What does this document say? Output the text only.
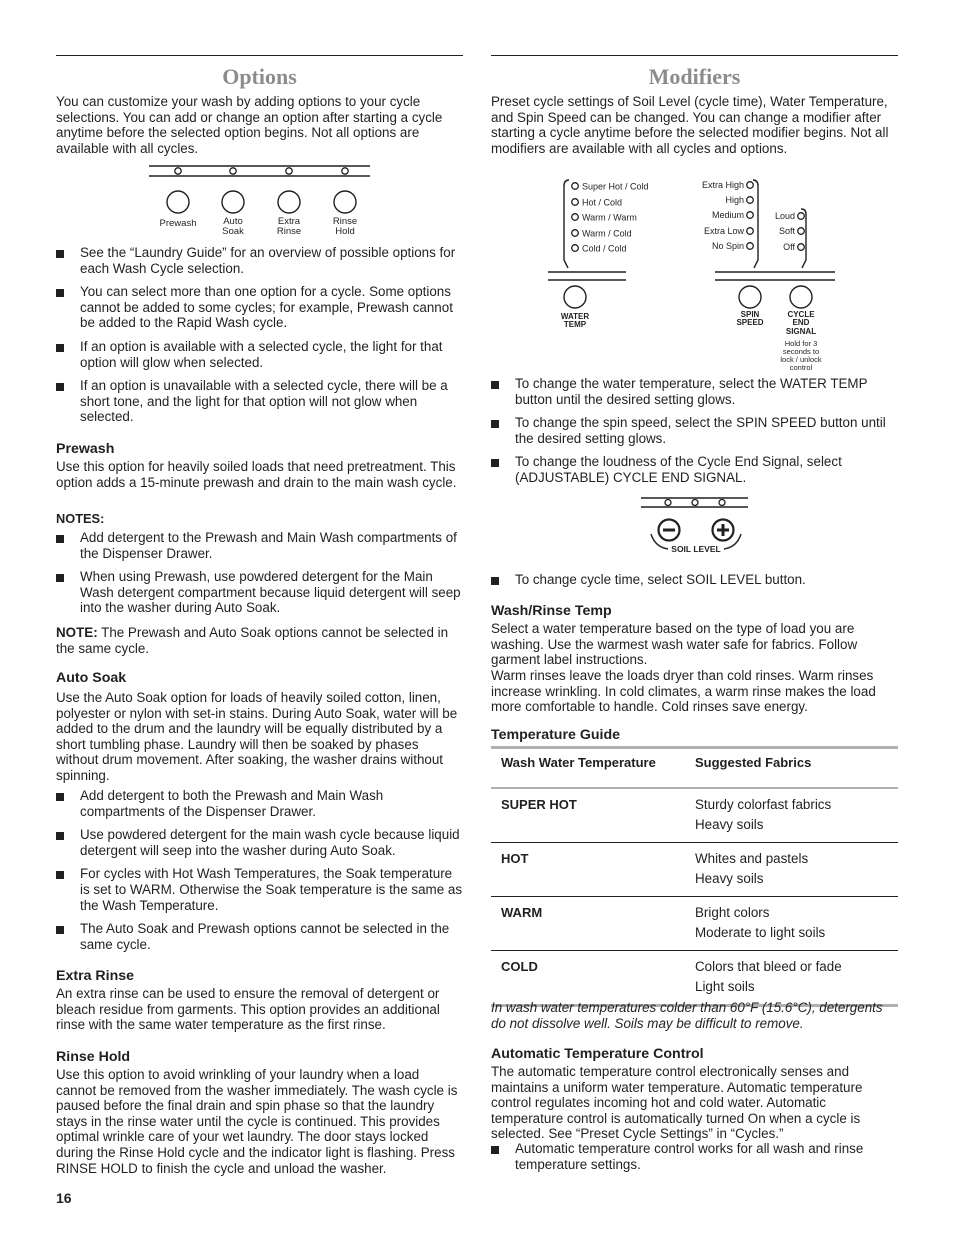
Options

You can customize your wash by adding options to your cycle selections. You can add or change an option after starting a cycle anytime before the selected option begins. Not all options are available with all cycles.

Prewash	Auto
Soak
Extra
Rinse
Rinse
Hold
See the “Laundry Guide” for an overview of possible options for each Wash Cycle selection.
You can select more than one option for a cycle. Some options cannot be added to some cycles; for example, Prewash cannot be added to the Rapid Wash cycle.
If an option is available with a selected cycle, the light for that option will glow when selected.
If an option is unavailable with a selected cycle, there will be a short tone, and the light for that option will not glow when selected.
Prewash

Use this option for heavily soiled loads that need pretreatment. This option adds a 15-minute prewash and drain to the main wash cycle.

NOTES:
Add detergent to the Prewash and Main Wash compartments of the Dispenser Drawer.
When using Prewash, use powdered detergent for the Main Wash detergent compartment because liquid detergent will seep into the washer during Auto Soak.

NOTE: The Prewash and Auto Soak options cannot be selected in the same cycle.

Auto Soak

Use the Auto Soak option for loads of heavily soiled cotton, linen, polyester or nylon with set-in stains. During Auto Soak, water will be added to the drum and the laundry will be equally distributed by a short tumbling phase. Laundry will then be soaked by phases without drum movement. After soaking, the washer drains without spinning.

Add detergent to both the Prewash and Main Wash compartments of the Dispenser Drawer.
Use powdered detergent for the main wash cycle because liquid detergent will seep into the washer during Auto Soak.
For cycles with Hot Wash Temperatures, the Soak temperature is set to WARM. Otherwise the Soak temperature is the same as the Wash Temperature.
The Auto Soak and Prewash options cannot be selected in the same cycle.
Extra Rinse

An extra rinse can be used to ensure the removal of detergent or bleach residue from garments. This option provides an additional rinse with the same water temperature as the first rinse.

Rinse Hold

Use this option to avoid wrinkling of your laundry when a load cannot be removed from the washer immediately. The wash cycle is paused before the final drain and spin phase so that the laundry stays in the rinse water until the cycle is continued. This provides optimal wrinkle care of your wet laundry. The door stays locked during the Rinse Hold cycle and the indicator light is flashing. Press RINSE HOLD to finish the cycle and unload the washer.

16
Modifiers

Preset cycle settings of Soil Level (cycle time), Water Temperature, and Spin Speed can be changed. You can change a modifier after starting a cycle anytime before the selected modifier begins. Not all modifiers are available with all cycles and options.

Super Hot / Cold
Hot / Cold
Warm / Warm
Warm / Cold
Cold / Cold
WATER
TEMP
Extra High
High
Medium
Extra Low
No Spin
Loud
Soft
Off
SPIN
SPEED
CYCLE
END
SIGNAL
Hold for 3
seconds to
lock / unlock
control
To change the water temperature, select the WATER TEMP button until the desired setting glows.
To change the spin speed, select the SPIN SPEED button until the desired setting glows.
To change the loudness of the Cycle End Signal, select (ADJUSTABLE) CYCLE END SIGNAL.
SOIL LEVEL
To change cycle time, select SOIL LEVEL button.
Wash/Rinse Temp

Select a water temperature based on the type of load you are washing. Use the warmest wash water safe for fabrics. Follow garment label instructions.

Warm rinses leave the loads dryer than cold rinses. Warm rinses increase wrinkling. In cold climates, a warm rinse makes the load more comfortable to handle. Cold rinses save energy.

Temperature Guide
Wash Water Temperature	Suggested Fabrics
SUPER HOT	Sturdy colorfast fabrics
Heavy soils

HOT	Whites and pastels
Heavy soils

WARM	Bright colors
Moderate to light soils

COLD	Colors that bleed or fade
Light soils

In wash water temperatures colder than 60°F (15.6°C), detergents do not dissolve well. Soils may be difficult to remove.

Automatic Temperature Control

The automatic temperature control electronically senses and maintains a uniform water temperature. Automatic temperature control regulates incoming hot and cold water. Automatic temperature control is automatically turned On when a cycle is selected. See “Preset Cycle Settings” in “Cycles.”

Automatic temperature control works for all wash and rinse temperature settings.
